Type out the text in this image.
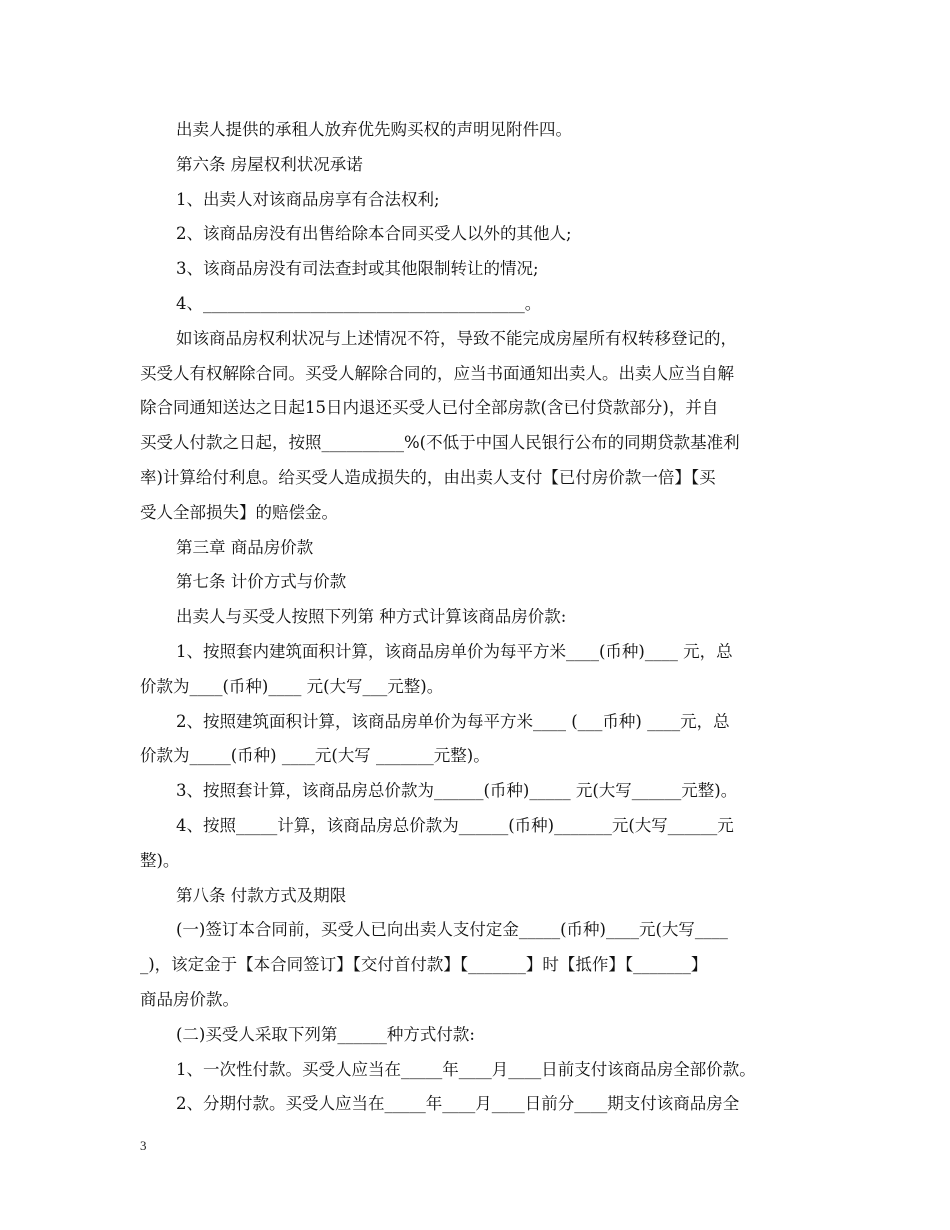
出卖人提供的承租人放弃优先购买权的声明见附件四。
第六条 房屋权利状况承诺
1、出卖人对该商品房享有合法权利;
2、该商品房没有出售给除本合同买受人以外的其他人;
3、该商品房没有司法查封或其他限制转让的情况;
4、_______________________________________。
如该商品房权利状况与上述情况不符，导致不能完成房屋所有权转移登记的，
买受人有权解除合同。买受人解除合同的，应当书面通知出卖人。出卖人应当自解
除合同通知送达之日起15日内退还买受人已付全部房款(含已付贷款部分)，并自
买受人付款之日起，按照__________%(不低于中国人民银行公布的同期贷款基准利
率)计算给付利息。给买受人造成损失的，由出卖人支付【已付房价款一倍】【买
受人全部损失】的赔偿金。
第三章 商品房价款
第七条 计价方式与价款
出卖人与买受人按照下列第 种方式计算该商品房价款:
1、按照套内建筑面积计算，该商品房单价为每平方米____(币种)____ 元，总
价款为____(币种)____ 元(大写___元整)。
2、按照建筑面积计算，该商品房单价为每平方米____ (___币种) ____元，总
价款为_____(币种) ____元(大写 _______元整)。
3、按照套计算，该商品房总价款为______(币种)_____ 元(大写______元整)。
4、按照_____计算，该商品房总价款为______(币种)_______元(大写______元
整)。
第八条 付款方式及期限
(一)签订本合同前，买受人已向出卖人支付定金_____(币种)____元(大写____
_)，该定金于【本合同签订】【交付首付款】【_______】时【抵作】【_______】
商品房价款。
(二)买受人采取下列第______种方式付款:
1、一次性付款。买受人应当在_____年____月____日前支付该商品房全部价款。
2、分期付款。买受人应当在_____年____月____日前分____期支付该商品房全
3
